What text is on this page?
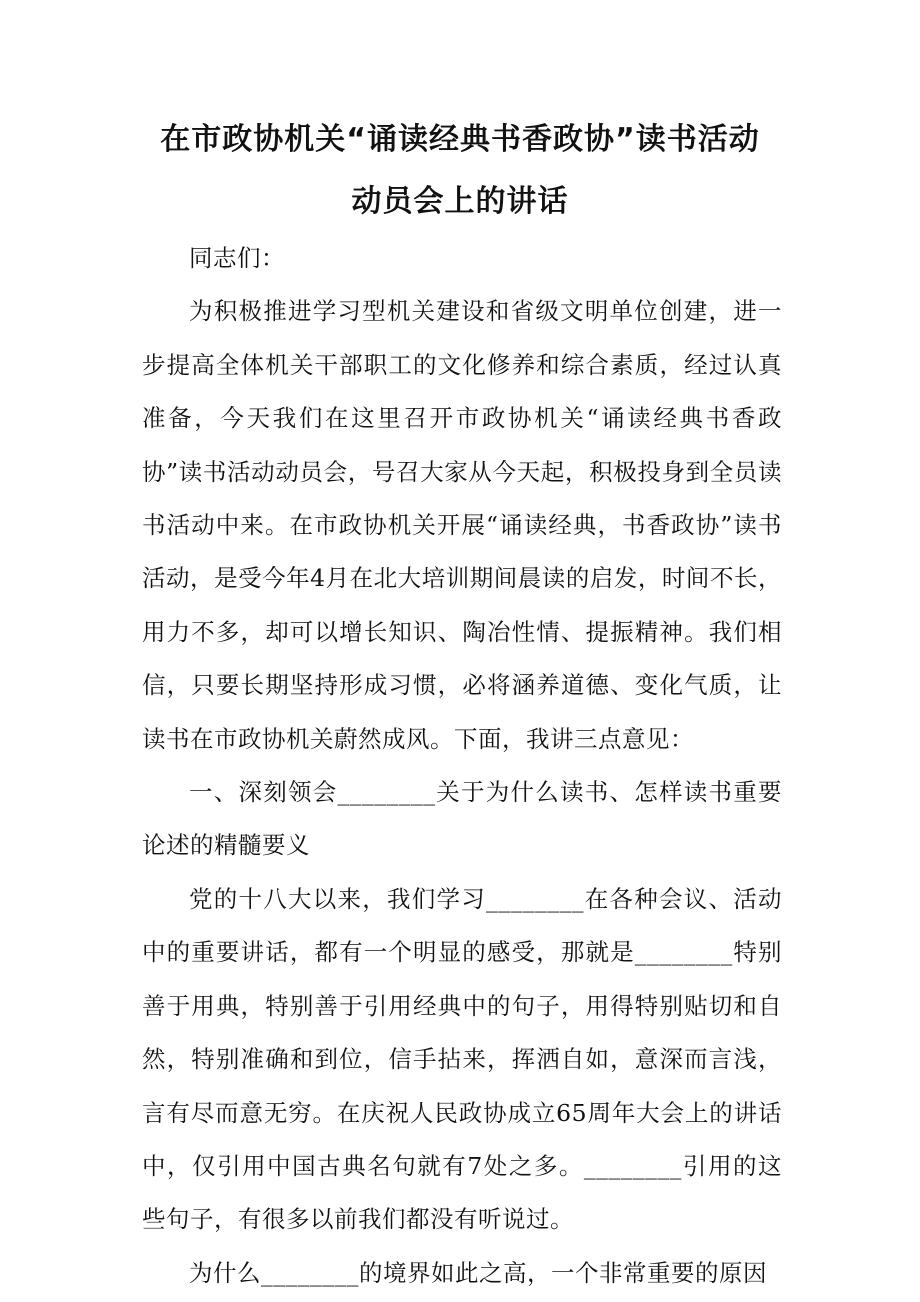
在市政协机关“诵读经典书香政协”读书活动
动员会上的讲话

同志们：

为积极推进学习型机关建设和省级文明单位创建，进一步提高全体机关干部职工的文化修养和综合素质，经过认真准备，今天我们在这里召开市政协机关“诵读经典书香政协”读书活动动员会，号召大家从今天起，积极投身到全员读书活动中来。在市政协机关开展“诵读经典，书香政协”读书活动，是受今年4月在北大培训期间晨读的启发，时间不长，用力不多，却可以增长知识、陶冶性情、提振精神。我们相信，只要长期坚持形成习惯，必将涵养道德、变化气质，让读书在市政协机关蔚然成风。下面，我讲三点意见：

一、深刻领会________关于为什么读书、怎样读书重要论述的精髓要义

党的十八大以来，我们学习________在各种会议、活动中的重要讲话，都有一个明显的感受，那就是________特别善于用典，特别善于引用经典中的句子，用得特别贴切和自然，特别准确和到位，信手拈来，挥洒自如，意深而言浅，言有尽而意无穷。在庆祝人民政协成立65周年大会上的讲话中，仅引用中国古典名句就有7处之多。________引用的这些句子，有很多以前我们都没有听说过。

为什么________的境界如此之高，一个非常重要的原因
